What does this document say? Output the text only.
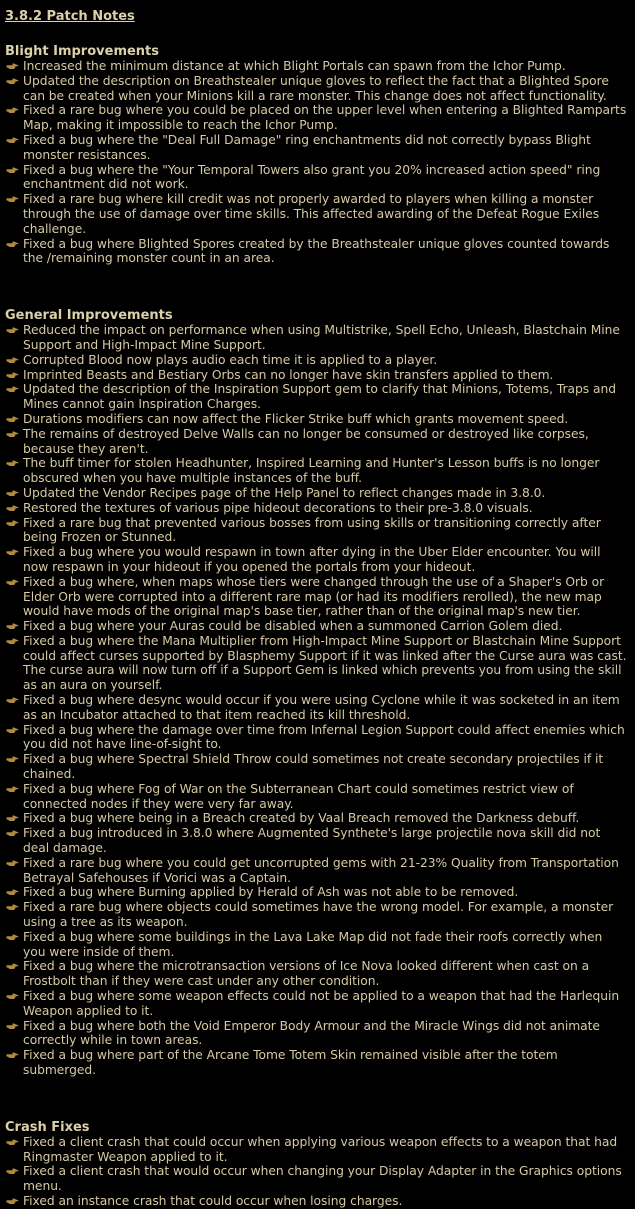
3.8.2 Patch Notes
Blight Improvements
Increased the minimum distance at which Blight Portals can spawn from the Ichor Pump.
Updated the description on Breathstealer unique gloves to reflect the fact that a Blighted Spore can be created when your Minions kill a rare monster. This change does not affect functionality.
Fixed a rare bug where you could be placed on the upper level when entering a Blighted Ramparts Map, making it impossible to reach the Ichor Pump.
Fixed a bug where the "Deal Full Damage" ring enchantments did not correctly bypass Blight monster resistances.
Fixed a bug where the "Your Temporal Towers also grant you 20% increased action speed" ring enchantment did not work.
Fixed a rare bug where kill credit was not properly awarded to players when killing a monster through the use of damage over time skills. This affected awarding of the Defeat Rogue Exiles challenge.
Fixed a bug where Blighted Spores created by the Breathstealer unique gloves counted towards the /remaining monster count in an area.
General Improvements
Reduced the impact on performance when using Multistrike, Spell Echo, Unleash, Blastchain Mine Support and High-Impact Mine Support.
Corrupted Blood now plays audio each time it is applied to a player.
Imprinted Beasts and Bestiary Orbs can no longer have skin transfers applied to them.
Updated the description of the Inspiration Support gem to clarify that Minions, Totems, Traps and Mines cannot gain Inspiration Charges.
Durations modifiers can now affect the Flicker Strike buff which grants movement speed.
The remains of destroyed Delve Walls can no longer be consumed or destroyed like corpses, because they aren't.
The buff timer for stolen Headhunter, Inspired Learning and Hunter's Lesson buffs is no longer obscured when you have multiple instances of the buff.
Updated the Vendor Recipes page of the Help Panel to reflect changes made in 3.8.0.
Restored the textures of various pipe hideout decorations to their pre-3.8.0 visuals.
Fixed a rare bug that prevented various bosses from using skills or transitioning correctly after being Frozen or Stunned.
Fixed a bug where you would respawn in town after dying in the Uber Elder encounter. You will now respawn in your hideout if you opened the portals from your hideout.
Fixed a bug where, when maps whose tiers were changed through the use of a Shaper's Orb or Elder Orb were corrupted into a different rare map (or had its modifiers rerolled), the new map would have mods of the original map's base tier, rather than of the original map's new tier.
Fixed a bug where your Auras could be disabled when a summoned Carrion Golem died.
Fixed a bug where the Mana Multiplier from High-Impact Mine Support or Blastchain Mine Support could affect curses supported by Blasphemy Support if it was linked after the Curse aura was cast. The curse aura will now turn off if a Support Gem is linked which prevents you from using the skill as an aura on yourself.
Fixed a bug where desync would occur if you were using Cyclone while it was socketed in an item as an Incubator attached to that item reached its kill threshold.
Fixed a bug where the damage over time from Infernal Legion Support could affect enemies which you did not have line-of-sight to.
Fixed a bug where Spectral Shield Throw could sometimes not create secondary projectiles if it chained.
Fixed a bug where Fog of War on the Subterranean Chart could sometimes restrict view of connected nodes if they were very far away.
Fixed a bug where being in a Breach created by Vaal Breach removed the Darkness debuff.
Fixed a bug introduced in 3.8.0 where Augmented Synthete's large projectile nova skill did not deal damage.
Fixed a rare bug where you could get uncorrupted gems with 21-23% Quality from Transportation Betrayal Safehouses if Vorici was a Captain.
Fixed a bug where Burning applied by Herald of Ash was not able to be removed.
Fixed a rare bug where objects could sometimes have the wrong model. For example, a monster using a tree as its weapon.
Fixed a bug where some buildings in the Lava Lake Map did not fade their roofs correctly when you were inside of them.
Fixed a bug where the microtransaction versions of Ice Nova looked different when cast on a Frostbolt than if they were cast under any other condition.
Fixed a bug where some weapon effects could not be applied to a weapon that had the Harlequin Weapon applied to it.
Fixed a bug where both the Void Emperor Body Armour and the Miracle Wings did not animate correctly while in town areas.
Fixed a bug where part of the Arcane Tome Totem Skin remained visible after the totem submerged.
Crash Fixes
Fixed a client crash that could occur when applying various weapon effects to a weapon that had Ringmaster Weapon applied to it.
Fixed a client crash that would occur when changing your Display Adapter in the Graphics options menu.
Fixed an instance crash that could occur when losing charges.
